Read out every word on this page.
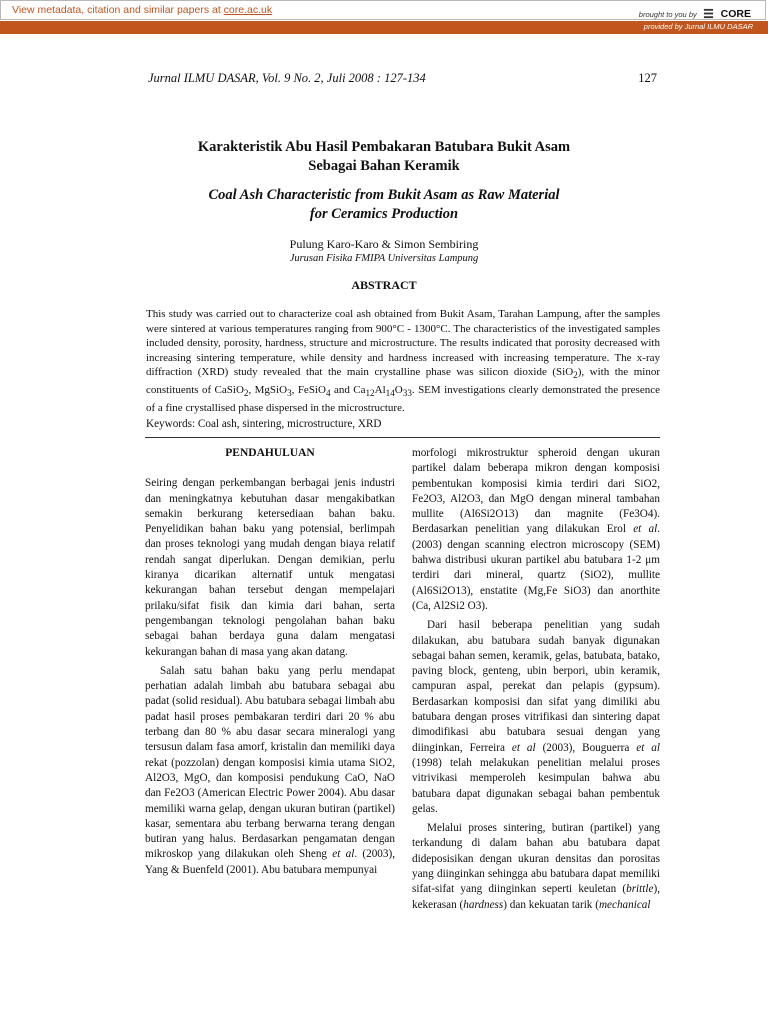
View metadata, citation and similar papers at core.ac.uk	brought to you by CORE
provided by Jurnal ILMU DASAR
Jurnal ILMU DASAR, Vol. 9 No. 2, Juli 2008 : 127-134	127
Karakteristik Abu Hasil Pembakaran Batubara Bukit Asam
Sebagai Bahan Keramik
Coal Ash Characteristic from Bukit Asam as Raw Material
for Ceramics Production
Pulung Karo-Karo & Simon Sembiring
Jurusan Fisika FMIPA Universitas Lampung
ABSTRACT
This study was carried out to characterize coal ash obtained from Bukit Asam, Tarahan Lampung, after the samples were sintered at various temperatures ranging from 900°C - 1300°C. The characteristics of the investigated samples included density, porosity, hardness, structure and microstructure. The results indicated that porosity decreased with increasing sintering temperature, while density and hardness increased with increasing temperature. The x-ray diffraction (XRD) study revealed that the main crystalline phase was silicon dioxide (SiO$_2$), with the minor constituents of CaSiO$_2$, MgSiO$_3$, FeSiO$_4$ and $Ca_{12}Al_{14}O_{33}$. SEM investigations clearly demonstrated the presence of a fine crystallised phase dispersed in the microstructure.
Keywords: Coal ash, sintering, microstructure, XRD

PENDAHULUAN

Seiring dengan perkembangan berbagai jenis industri dan meningkatnya kebutuhan dasar mengakibatkan semakin berkurang ketersediaan bahan baku. Penyelidikan bahan baku yang potensial, berlimpah dan proses teknologi yang mudah dengan biaya relatif rendah sangat diperlukan. Dengan demikian, perlu kiranya dicarikan alternatif untuk mengatasi kekurangan bahan tersebut dengan mempelajari prilaku/sifat fisik dan kimia dari bahan, serta pengembangan teknologi pengolahan bahan baku sebagai bahan berdaya guna dalam mengatasi kekurangan bahan di masa yang akan datang.

Salah satu bahan baku yang perlu mendapat perhatian adalah limbah abu batubara sebagai abu padat (solid residual). Abu batubara sebagai limbah abu padat hasil proses pembakaran terdiri dari 20 % abu terbang dan 80 % abu dasar secara mineralogi yang tersusun dalam fasa amorf, kristalin dan memiliki daya rekat (pozzolan) dengan komposisi kimia utama SiO2, Al2O3, MgO, dan komposisi pendukung CaO, NaO dan Fe2O3 (American Electric Power 2004). Abu dasar memiliki warna gelap, dengan ukuran butiran (partikel) kasar, sementara abu terbang berwarna terang dengan butiran yang halus. Berdasarkan pengamatan dengan mikroskop yang dilakukan oleh Sheng et al. (2003), Yang & Buenfeld (2001). Abu batubara mempunyai

morfologi mikrostruktur spheroid dengan ukuran partikel dalam beberapa mikron dengan komposisi pembentukan komposisi kimia terdiri dari SiO2, Fe2O3, Al2O3, dan MgO dengan mineral tambahan mullite (Al6Si2O13) dan magnite (Fe3O4). Berdasarkan penelitian yang dilakukan Erol et al. (2003) dengan scanning electron microscopy (SEM) bahwa distribusi ukuran partikel abu batubara 1-2 μm terdiri dari mineral, quartz (SiO2), mullite (Al6Si2O13), enstatite (Mg,Fe SiO3) dan anorthite (Ca, Al2Si2 O3).

Dari hasil beberapa penelitian yang sudah dilakukan, abu batubara sudah banyak digunakan sebagai bahan semen, keramik, gelas, batubata, batako, paving block, genteng, ubin berpori, ubin keramik, campuran aspal, perekat dan pelapis (gypsum). Berdasarkan komposisi dan sifat yang dimiliki abu batubara dengan proses vitrifikasi dan sintering dapat dimodifikasi abu batubara sesuai dengan yang diinginkan, Ferreira et al (2003), Bouguerra et al (1998) telah melakukan penelitian melalui proses vitrivikasi memperoleh kesimpulan bahwa abu batubara dapat digunakan sebagai bahan pembentuk gelas.

Melalui proses sintering, butiran (partikel) yang terkandung di dalam bahan abu batubara dapat dideposisikan dengan ukuran densitas dan porositas yang diinginkan sehingga abu batubara dapat memiliki sifat-sifat yang diinginkan seperti keuletan (brittle), kekerasan (hardness) dan kekuatan tarik (mechanical
